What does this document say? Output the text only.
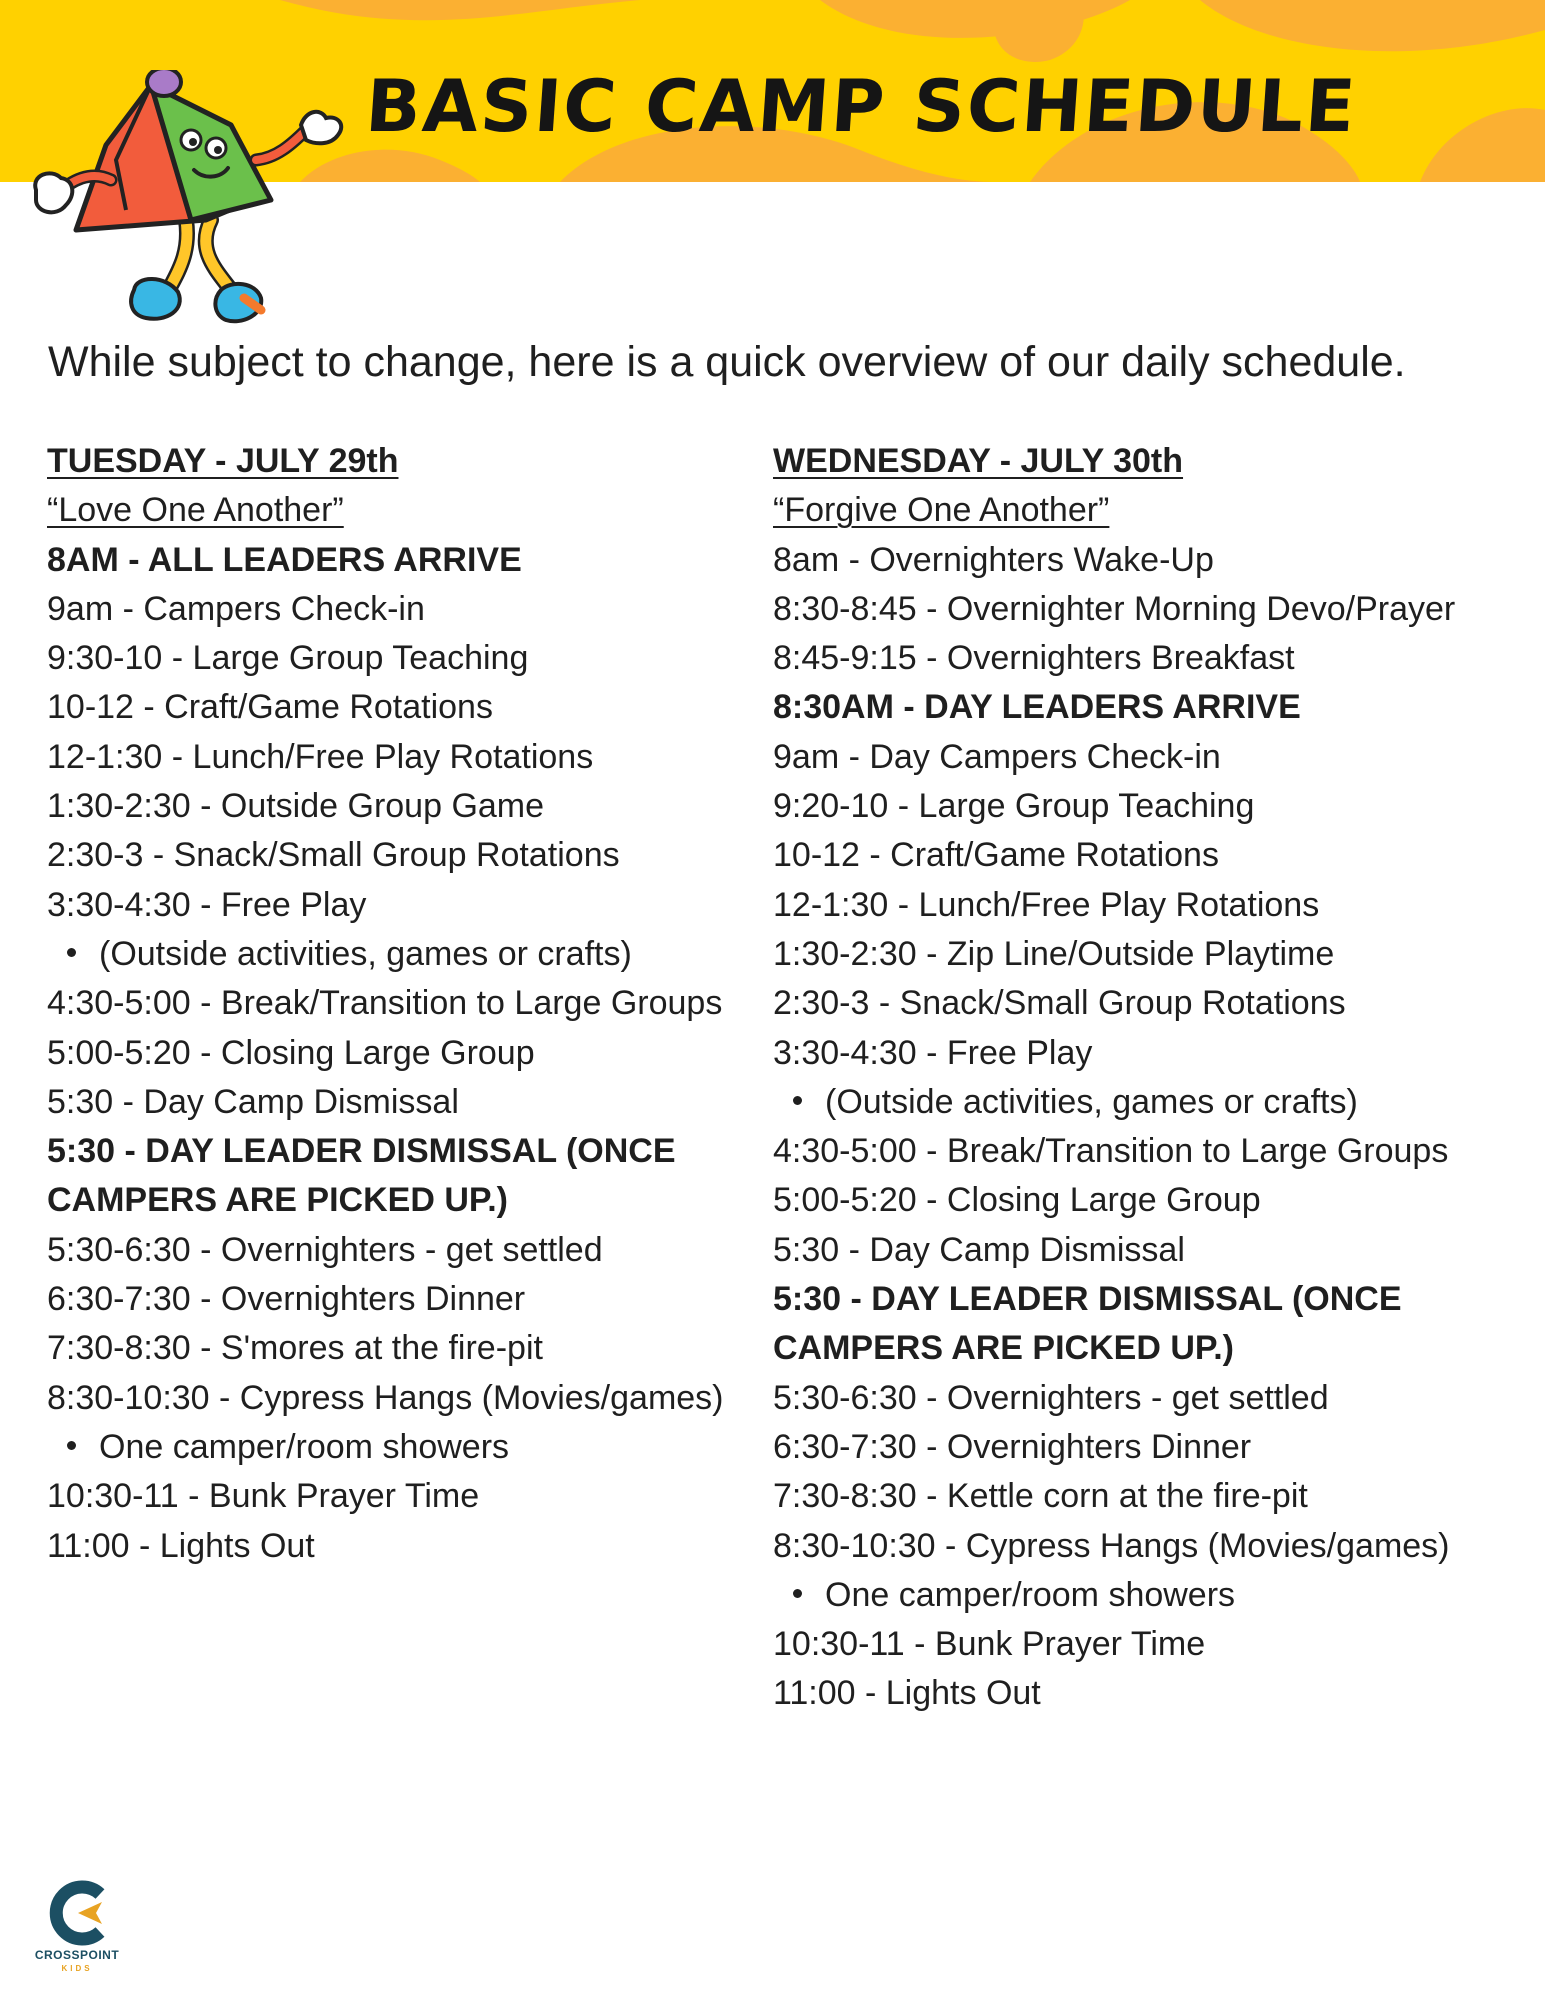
BASIC CAMP SCHEDULE

While subject to change, here is a quick overview of our daily schedule.

TUESDAY - JULY 29th
“Love One Another”
8AM - ALL LEADERS ARRIVE
9am - Campers Check-in
9:30-10 - Large Group Teaching
10-12 - Craft/Game Rotations
12-1:30 - Lunch/Free Play Rotations
1:30-2:30 - Outside Group Game
2:30-3 - Snack/Small Group Rotations
3:30-4:30 - Free Play
(Outside activities, games or crafts)
4:30-5:00 - Break/Transition to Large Groups
5:00-5:20 - Closing Large Group
5:30 - Day Camp Dismissal
5:30 - DAY LEADER DISMISSAL (ONCE
CAMPERS ARE PICKED UP.)
5:30-6:30 - Overnighters - get settled
6:30-7:30 - Overnighters Dinner
7:30-8:30 - S'mores at the fire-pit
8:30-10:30 - Cypress Hangs (Movies/games)
One camper/room showers
10:30-11 - Bunk Prayer Time
11:00 - Lights Out
WEDNESDAY - JULY 30th
“Forgive One Another”
8am - Overnighters Wake-Up
8:30-8:45 - Overnighter Morning Devo/Prayer
8:45-9:15 - Overnighters Breakfast
8:30AM - DAY LEADERS ARRIVE
9am - Day Campers Check-in
9:20-10 - Large Group Teaching
10-12 - Craft/Game Rotations
12-1:30 - Lunch/Free Play Rotations
1:30-2:30 - Zip Line/Outside Playtime
2:30-3 - Snack/Small Group Rotations
3:30-4:30 - Free Play
(Outside activities, games or crafts)
4:30-5:00 - Break/Transition to Large Groups
5:00-5:20 - Closing Large Group
5:30 - Day Camp Dismissal
5:30 - DAY LEADER DISMISSAL (ONCE
CAMPERS ARE PICKED UP.)
5:30-6:30 - Overnighters - get settled
6:30-7:30 - Overnighters Dinner
7:30-8:30 - Kettle corn at the fire-pit
8:30-10:30 - Cypress Hangs (Movies/games)
One camper/room showers
10:30-11 - Bunk Prayer Time
11:00 - Lights Out
CROSSPOINT
KIDS
